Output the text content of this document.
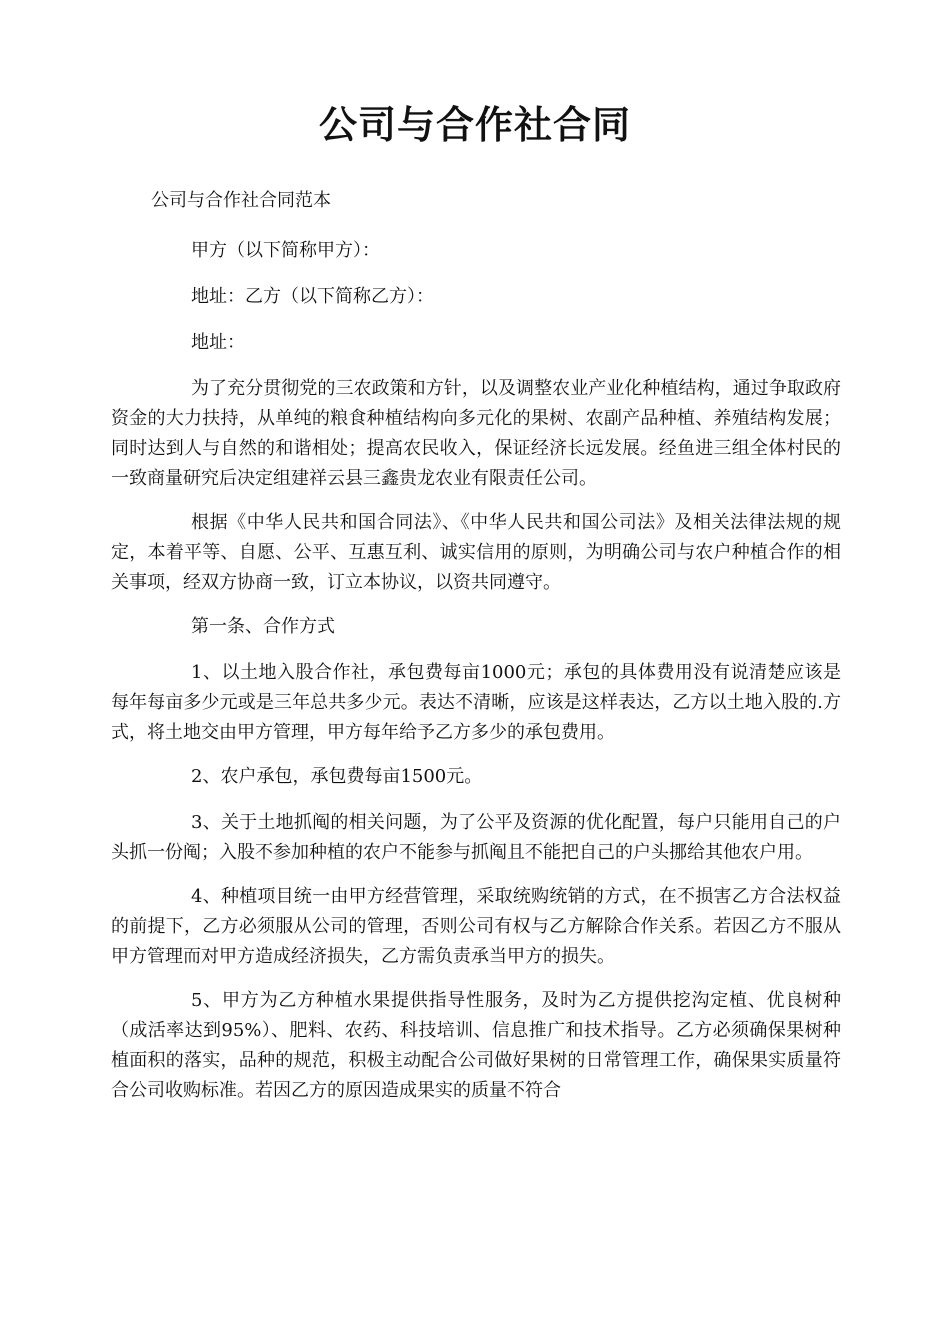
公司与合作社合同

公司与合作社合同范本

甲方（以下简称甲方）：

地址：乙方（以下简称乙方）：

地址：

为了充分贯彻党的三农政策和方针，以及调整农业产业化种植结构，通过争取政府资金的大力扶持，从单纯的粮食种植结构向多元化的果树、农副产品种植、养殖结构发展；同时达到人与自然的和谐相处；提高农民收入，保证经济长远发展。经鱼进三组全体村民的一致商量研究后决定组建祥云县三鑫贵龙农业有限责任公司。

根据《中华人民共和国合同法》、《中华人民共和国公司法》及相关法律法规的规定，本着平等、自愿、公平、互惠互利、诚实信用的原则，为明确公司与农户种植合作的相关事项，经双方协商一致，订立本协议，以资共同遵守。

第一条、合作方式

1、以土地入股合作社，承包费每亩1000元；承包的具体费用没有说清楚应该是每年每亩多少元或是三年总共多少元。表达不清晰，应该是这样表达，乙方以土地入股的.方式，将土地交由甲方管理，甲方每年给予乙方多少的承包费用。

2、农户承包，承包费每亩1500元。

3、关于土地抓阄的相关问题，为了公平及资源的优化配置，每户只能用自己的户头抓一份阄；入股不参加种植的农户不能参与抓阄且不能把自己的户头挪给其他农户用。

4、种植项目统一由甲方经营管理，采取统购统销的方式，在不损害乙方合法权益的前提下，乙方必须服从公司的管理，否则公司有权与乙方解除合作关系。若因乙方不服从甲方管理而对甲方造成经济损失，乙方需负责承当甲方的损失。

5、甲方为乙方种植水果提供指导性服务，及时为乙方提供挖沟定植、优良树种（成活率达到95%）、肥料、农药、科技培训、信息推广和技术指导。乙方必须确保果树种植面积的落实，品种的规范，积极主动配合公司做好果树的日常管理工作，确保果实质量符合公司收购标准。若因乙方的原因造成果实的质量不符合
